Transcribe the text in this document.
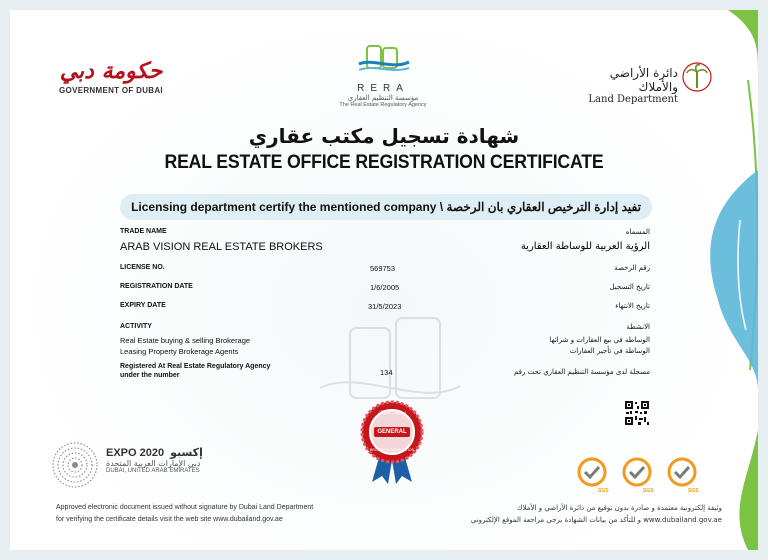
حكومة دبي
GOVERNMENT OF DUBAI	RERA
مؤسسة التنظيم العقاري
The Real Estate Regulatory Agency
دائرة الأراضي والأملاك
Land Department
شهادة تسجيل مكتب عقاري
REAL ESTATE OFFICE REGISTRATION CERTIFICATE
Licensing department certify the mentioned company \ تفيد إدارة الترخيص العقاري بان الرخصة
TRADE NAME	المسماه
ARAB VISION REAL ESTATE BROKERS	الرؤية العربية للوساطة العقارية
LICENSE NO.	569753	رقم الرخصة
REGISTRATION DATE	1/6/2005	تاريخ التسجيل
EXPIRY DATE	31/5/2023	تاريخ الانتهاء
ACTIVITY	الانشطة
Real Estate buying & selling Brokerage
Leasing Property Brokerage Agents
الوساطه في بيع العقارات و شرائها
الوساطة في تأجير العقارات
Registered At Real Estate Regulatory Agency
under the number	134	مسجلة لدى مؤسسة التنظيم العقاري تحت رقم
GENERAL
تصنيف الملاك
BROKER CLASSIFICATION
EXPO 2020 إكسبو
دبي الإمارات العربية المتحدة
DUBAI, UNITED ARAB EMIRATES
SGS	SGS	SGS
Approved electronic document issued without signature by Dubai Land Department
for verifying the certificate details visit the web site www.dubailand.gov.ae
وثيقة إلكترونية معتمدة و صادرة بدون توقيع من دائرة الأراضي و الأملاك
www.dubailand.gov.ae و للتأكد من بيانات الشهادة يرجى مراجعة الموقع الإلكتروني
